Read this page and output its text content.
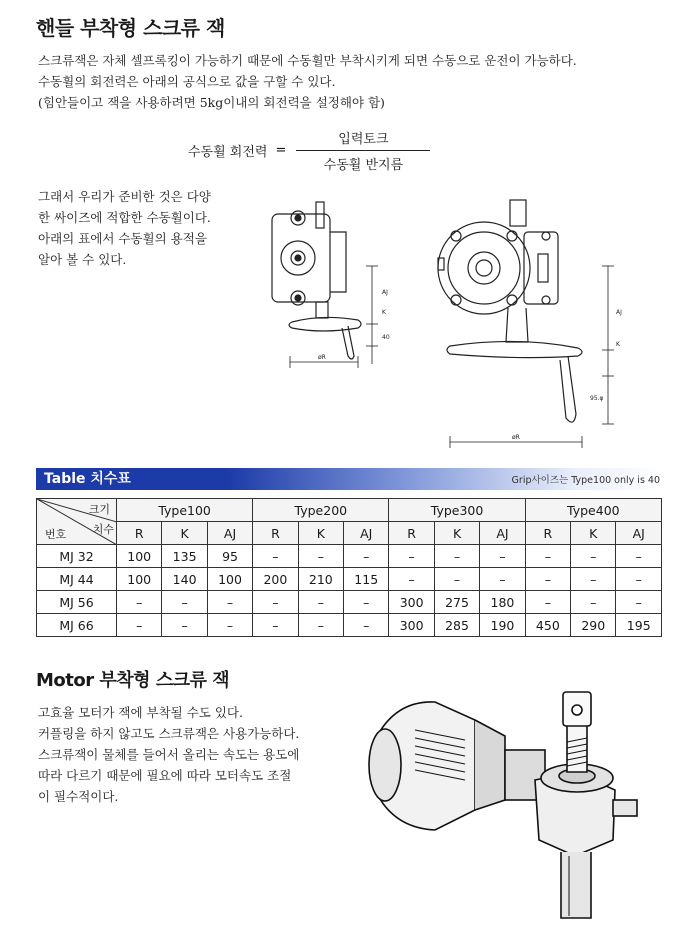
핸들 부착형 스크류 잭
스크류잭은 자체 셀프록킹이 가능하기 때문에 수동휠만 부착시키게 되면 수동으로 운전이 가능하다.
수동휠의 회전력은 아래의 공식으로 값을 구할 수 있다.
(힘안들이고 잭을 사용하려면 5kg이내의 회전력을 설정해야 함)
수동휠 회전력 = $\frac{\text{입력토크}}{\text{수동휠 반지름}}$
그래서 우리가 준비한 것은 다양
한 싸이즈에 적합한 수동휠이다.
아래의 표에서 수동휠의 용적을
알아 볼 수 있다.
AJ
K
40
øR
AJ
K
95.φ
øR
Table 치수표	Grip사이즈는 Type100 only is 40
크기
치수
번호	Type100			Type200			Type300			Type400		
	R	K	AJ	R	K	AJ	R	K	AJ	R	K	AJ
MJ 32	100	135	95	–	–	–	–	–	–	–	–	–
MJ 44	100	140	100	200	210	115	–	–	–	–	–	–
MJ 56	–	–	–	–	–	–	300	275	180	–	–	–
MJ 66	–	–	–	–	–	–	300	285	190	450	290	195
Motor 부착형 스크류 잭
고효율 모터가 잭에 부착될 수도 있다.
커플링을 하지 않고도 스크류잭은 사용가능하다.
스크류잭이 물체를 들어서 올리는 속도는 용도에
따라 다르기 때문에 필요에 따라 모터속도 조절
이 필수적이다.
